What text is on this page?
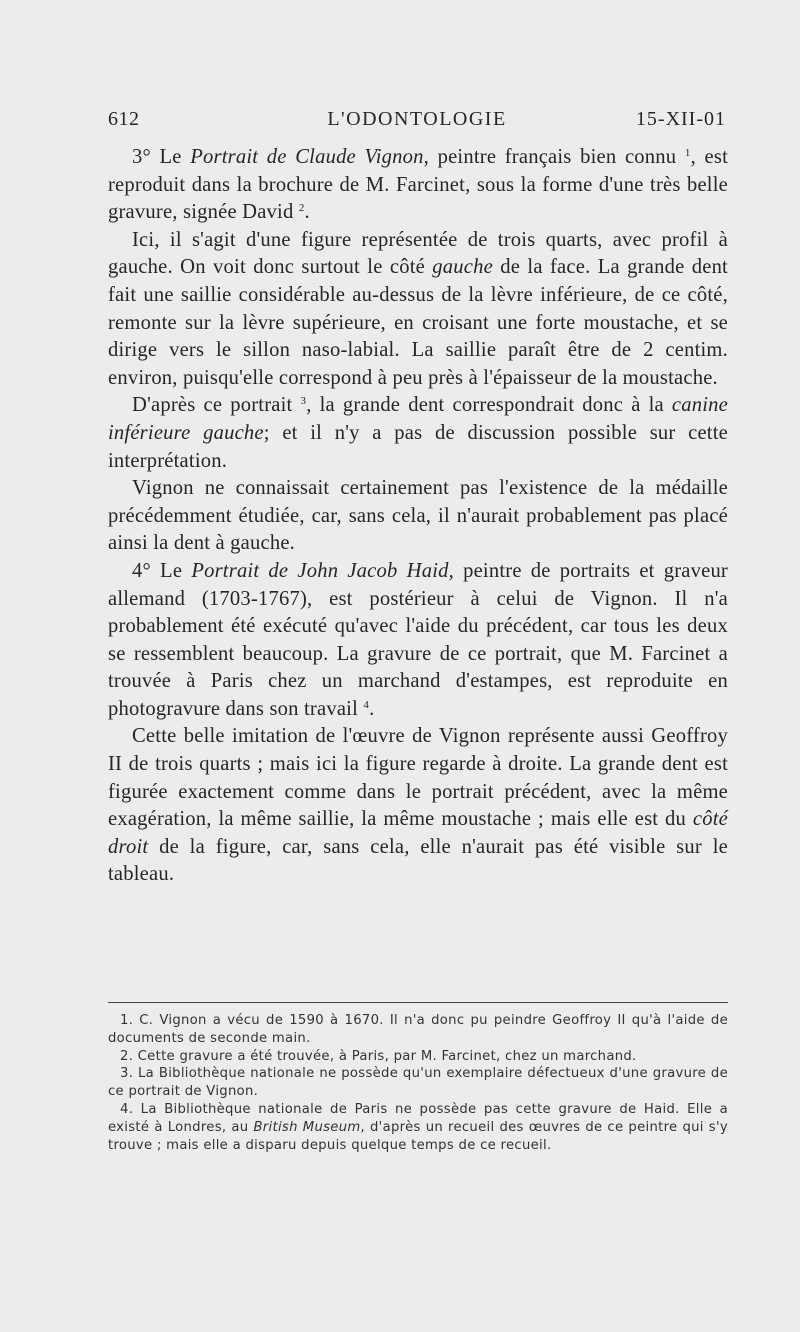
612	L'ODONTOLOGIE	15-XII-01

3° Le Portrait de Claude Vignon, peintre français bien connu $^1$, est reproduit dans la brochure de M. Farcinet, sous la forme d'une très belle gravure, signée David $^2$.

Ici, il s'agit d'une figure représentée de trois quarts, avec profil à gauche. On voit donc surtout le côté gauche de la face. La grande dent fait une saillie considérable au-dessus de la lèvre inférieure, de ce côté, remonte sur la lèvre supérieure, en croisant une forte moustache, et se dirige vers le sillon naso-labial. La saillie paraît être de 2 centim. environ, puisqu'elle correspond à peu près à l'épaisseur de la moustache.

D'après ce portrait $^3$, la grande dent correspondrait donc à la canine inférieure gauche; et il n'y a pas de discussion possible sur cette interprétation.

Vignon ne connaissait certainement pas l'existence de la médaille précédemment étudiée, car, sans cela, il n'aurait probablement pas placé ainsi la dent à gauche.

4° Le Portrait de John Jacob Haid, peintre de portraits et graveur allemand (1703-1767), est postérieur à celui de Vignon. Il n'a probablement été exécuté qu'avec l'aide du précédent, car tous les deux se ressemblent beaucoup. La gravure de ce portrait, que M. Farcinet a trouvée à Paris chez un marchand d'estampes, est reproduite en photogravure dans son travail $^4$.

Cette belle imitation de l'œuvre de Vignon représente aussi Geoffroy II de trois quarts ; mais ici la figure regarde à droite. La grande dent est figurée exactement comme dans le portrait précédent, avec la même exagération, la même saillie, la même moustache ; mais elle est du côté droit de la figure, car, sans cela, elle n'aurait pas été visible sur le tableau.

1. C. Vignon a vécu de 1590 à 1670. Il n'a donc pu peindre Geoffroy II qu'à l'aide de documents de seconde main.

2. Cette gravure a été trouvée, à Paris, par M. Farcinet, chez un marchand.

3. La Bibliothèque nationale ne possède qu'un exemplaire défectueux d'une gravure de ce portrait de Vignon.

4. La Bibliothèque nationale de Paris ne possède pas cette gravure de Haid. Elle a existé à Londres, au British Museum, d'après un recueil des œuvres de ce peintre qui s'y trouve ; mais elle a disparu depuis quelque temps de ce recueil.
